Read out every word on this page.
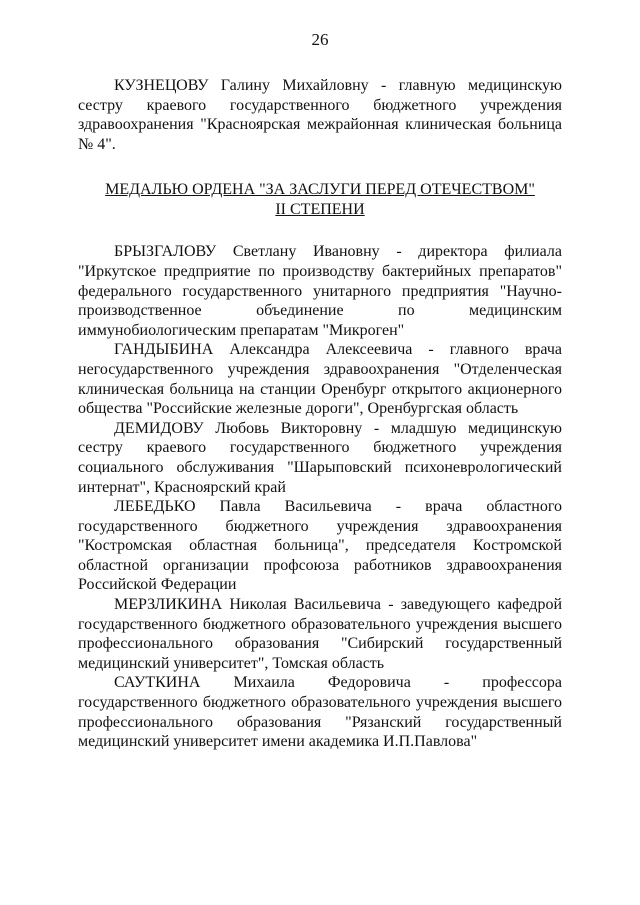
26

КУЗНЕЦОВУ Галину Михайловну - главную медицинскую сестру краевого государственного бюджетного учреждения здравоохранения "Красноярская межрайонная клиническая больница № 4".

МЕДАЛЬЮ ОРДЕНА "ЗА ЗАСЛУГИ ПЕРЕД ОТЕЧЕСТВОМ"

II СТЕПЕНИ

БРЫЗГАЛОВУ Светлану Ивановну - директора филиала "Иркутское предприятие по производству бактерийных препаратов" федерального государственного унитарного предприятия "Научно-производственное объединение по медицинским иммунобиологическим препаратам "Микроген"

ГАНДЫБИНА Александра Алексеевича - главного врача негосударственного учреждения здравоохранения "Отделенческая клиническая больница на станции Оренбург открытого акционерного общества "Российские железные дороги", Оренбургская область

ДЕМИДОВУ Любовь Викторовну - младшую медицинскую сестру краевого государственного бюджетного учреждения социального обслуживания "Шарыповский психоневрологический интернат", Красноярский край

ЛЕБЕДЬКО Павла Васильевича - врача областного государственного бюджетного учреждения здравоохранения "Костромская областная больница", председателя Костромской областной организации профсоюза работников здравоохранения Российской Федерации

МЕРЗЛИКИНА Николая Васильевича - заведующего кафедрой государственного бюджетного образовательного учреждения высшего профессионального образования "Сибирский государственный медицинский университет", Томская область

САУТКИНА Михаила Федоровича - профессора государственного бюджетного образовательного учреждения высшего профессионального образования "Рязанский государственный медицинский университет имени академика И.П.Павлова"
